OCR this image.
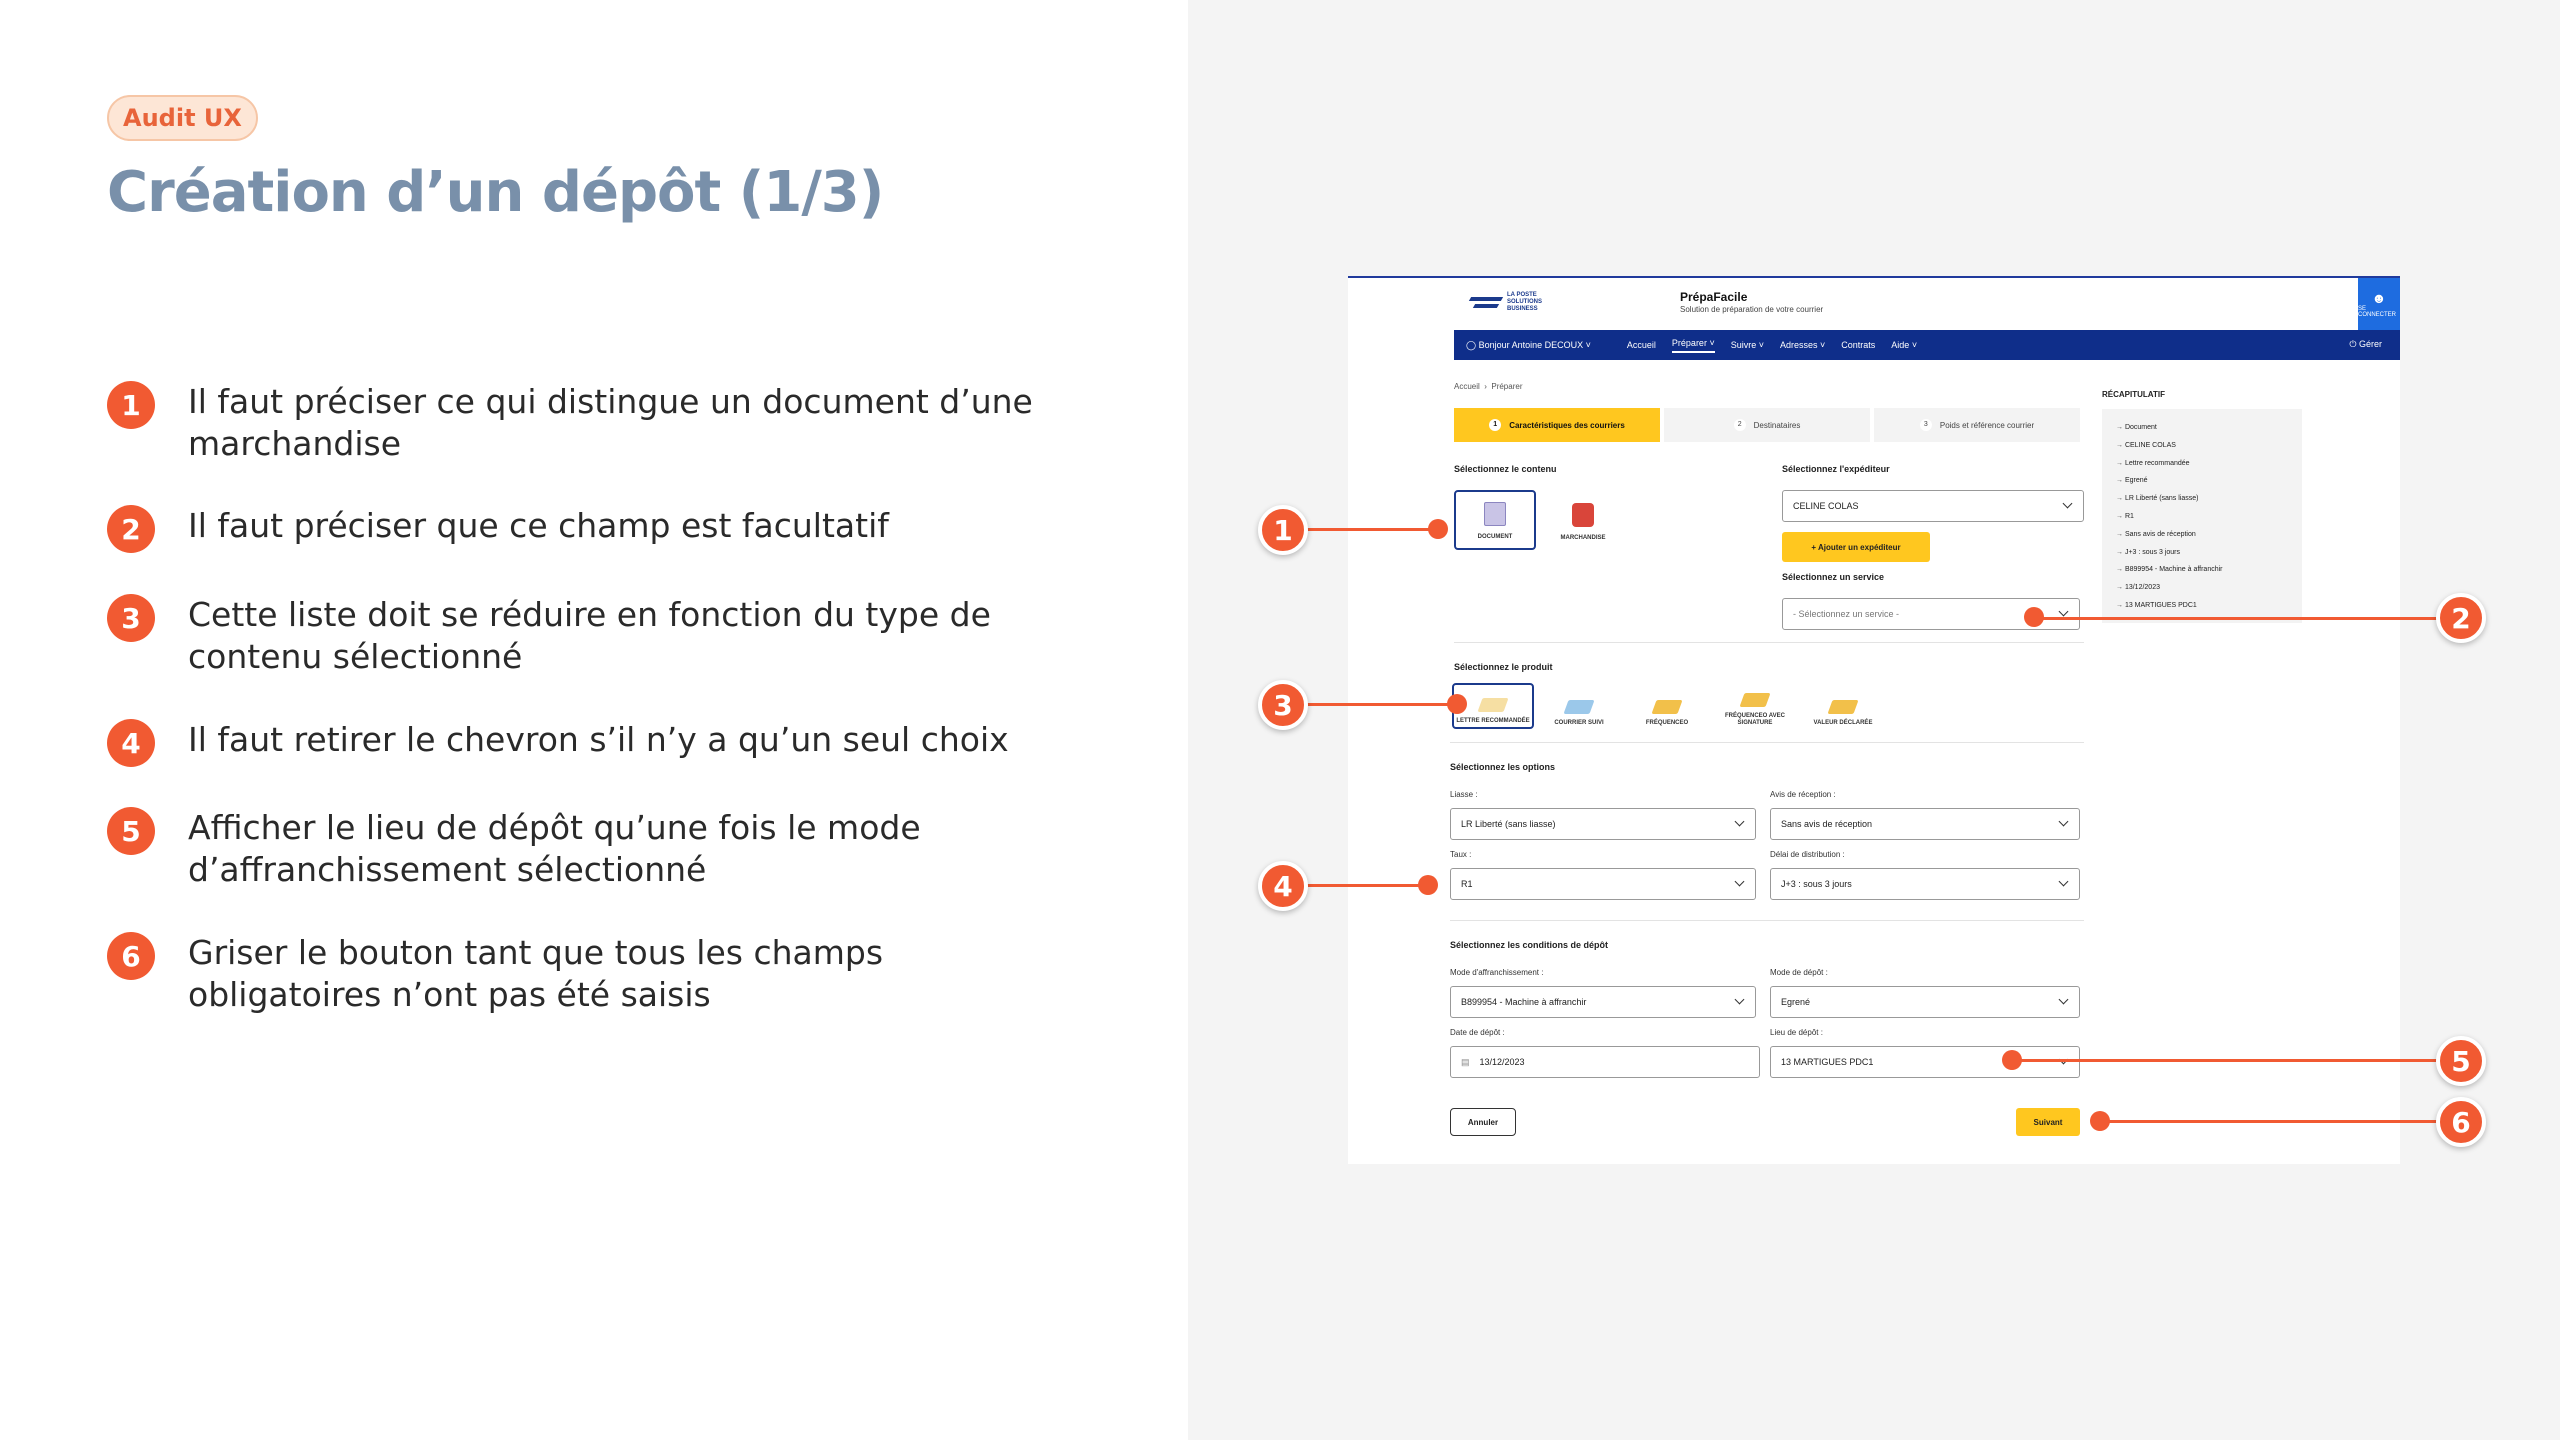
Audit UX
Création d’un dépôt (1/3)
1	Il faut préciser ce qui distingue un document d’une marchandise
2	Il faut préciser que ce champ est facultatif
3	Cette liste doit se réduire en fonction du type de contenu sélectionné
4	Il faut retirer le chevron s’il n’y a qu’un seul choix
5	Afficher le lieu de dépôt qu’une fois le mode d’affranchissement sélectionné
6	Griser le bouton tant que tous les champs obligatoires n’ont pas été saisis
LA POSTE SOLUTIONS BUSINESS
PrépaFacile
Solution de préparation de votre courrier
☻
SE CONNECTER
◯ Bonjour Antoine DECOUX ˅	Accueil Préparer ˅ Suivre ˅ Adresses ˅ Contrats Aide ˅	⏻ Gérer
Accueil  ›  Préparer
1	Caractéristiques des courriers	2	Destinataires	3	Poids et référence courrier
Sélectionnez le contenu
DOCUMENT	MARCHANDISE
Sélectionnez l'expéditeur
CELINE COLAS
+ Ajouter un expéditeur
Sélectionnez un service
- Sélectionnez un service -
Sélectionnez le produit
LETTRE RECOMMANDÉE	COURRIER SUIVI	FRÉQUENCEO
FRÉQUENCEO AVEC SIGNATURE	VALEUR DÉCLARÉE
Sélectionnez les options
Liasse :
LR Liberté (sans liasse)
Avis de réception :
Sans avis de réception
Taux :
R1
Délai de distribution :
J+3 : sous 3 jours
Sélectionnez les conditions de dépôt
Mode d'affranchissement :
B899954 - Machine à affranchir
Mode de dépôt :
Egrené
Date de dépôt :
▤ 13/12/2023
Lieu de dépôt :
13 MARTIGUES PDC1
Annuler	Suivant
RÉCAPITULATIF
→ Document
→ CELINE COLAS
→ Lettre recommandée
→ Egrené
→ LR Liberté (sans liasse)
→ R1
→ Sans avis de réception
→ J+3 : sous 3 jours
→ B899954 - Machine à affranchir
→ 13/12/2023
→ 13 MARTIGUES PDC1
1
2
3
4
5
6
